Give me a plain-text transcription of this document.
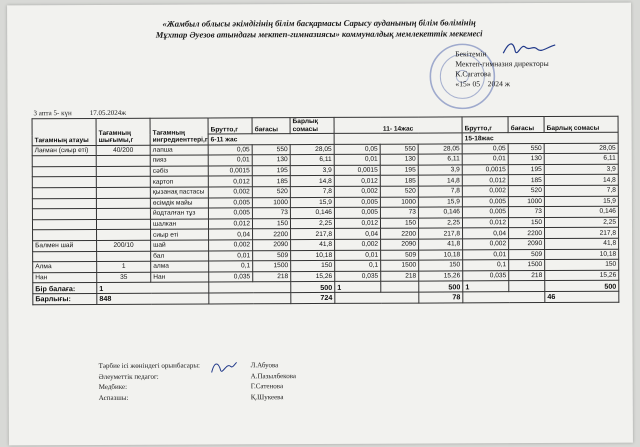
«Жамбыл облысы әкімдігінің білім басқармасы Сарысу ауданының білім бөлімінің
Мұхтар Әуезов атындағы мектеп-гимназиясы» коммуналдық мемлекеттік мекемесі
Бекітемін
Мектеп-гимназия директоры
К.Сагатова
«15» 05 2024 ж
3 апта 5- күн	17.05.2024ж
Тағамның атауы	Тағамның шығымы,г	Тағамның ингредиенттері,г	Брутто,г	бағасы	Барлық сомасы	11- 14жас			Брутто,г	бағасы	Барлық сомасы
			6-11 жас						15-18жас		
Лағман (сиыр еті)	40/200	лапша	0,05	550	28,05	0,05	550	28,05	0,05	550	28,05
		пияз	0,01	130	6,11	0,01	130	6,11	0,01	130	6,11
		сәбіз	0,0015	195	3,9	0,0015	195	3,9	0,0015	195	3,9
		картоп	0,012	185	14,8	0,012	185	14,8	0,012	185	14,8
		қызанақ пастасы	0,002	520	7,8	0,002	520	7,8	0,002	520	7,8
		өсімдік майы	0,005	1000	15,9	0,005	1000	15,9	0,005	1000	15,9
		йодталған тұз	0,005	73	0,146	0,005	73	0,146	0,005	73	0,146
		шалкан	0,012	150	2,25	0,012	150	2,25	0,012	150	2,25
		сиыр еті	0,04	2200	217,8	0,04	2200	217,8	0,04	2200	217,8
Балмен шай	200/10	шай	0,002	2090	41,8	0,002	2090	41,8	0,002	2090	41,8
		бал	0,01	509	10,18	0,01	509	10,18	0,01	509	10,18
Алма	1	алма	0,1	1500	150	0,1	1500	150	0,1	1500	150
Нан	35	Нан	0,035	218	15,26	0,035	218	15,26	0,035	218	15,26
Бір балаға:	1				500	1		500	1		500
Барлығы:	848				724			78			46
Тәрбие ісі жөніндегі орынбасары:
Әлеуметтік педагог:
Медбике:
Аспазшы:
Л.Абуова
А.Пазылбекова
Г.Сатенова
Қ.Шукеева
